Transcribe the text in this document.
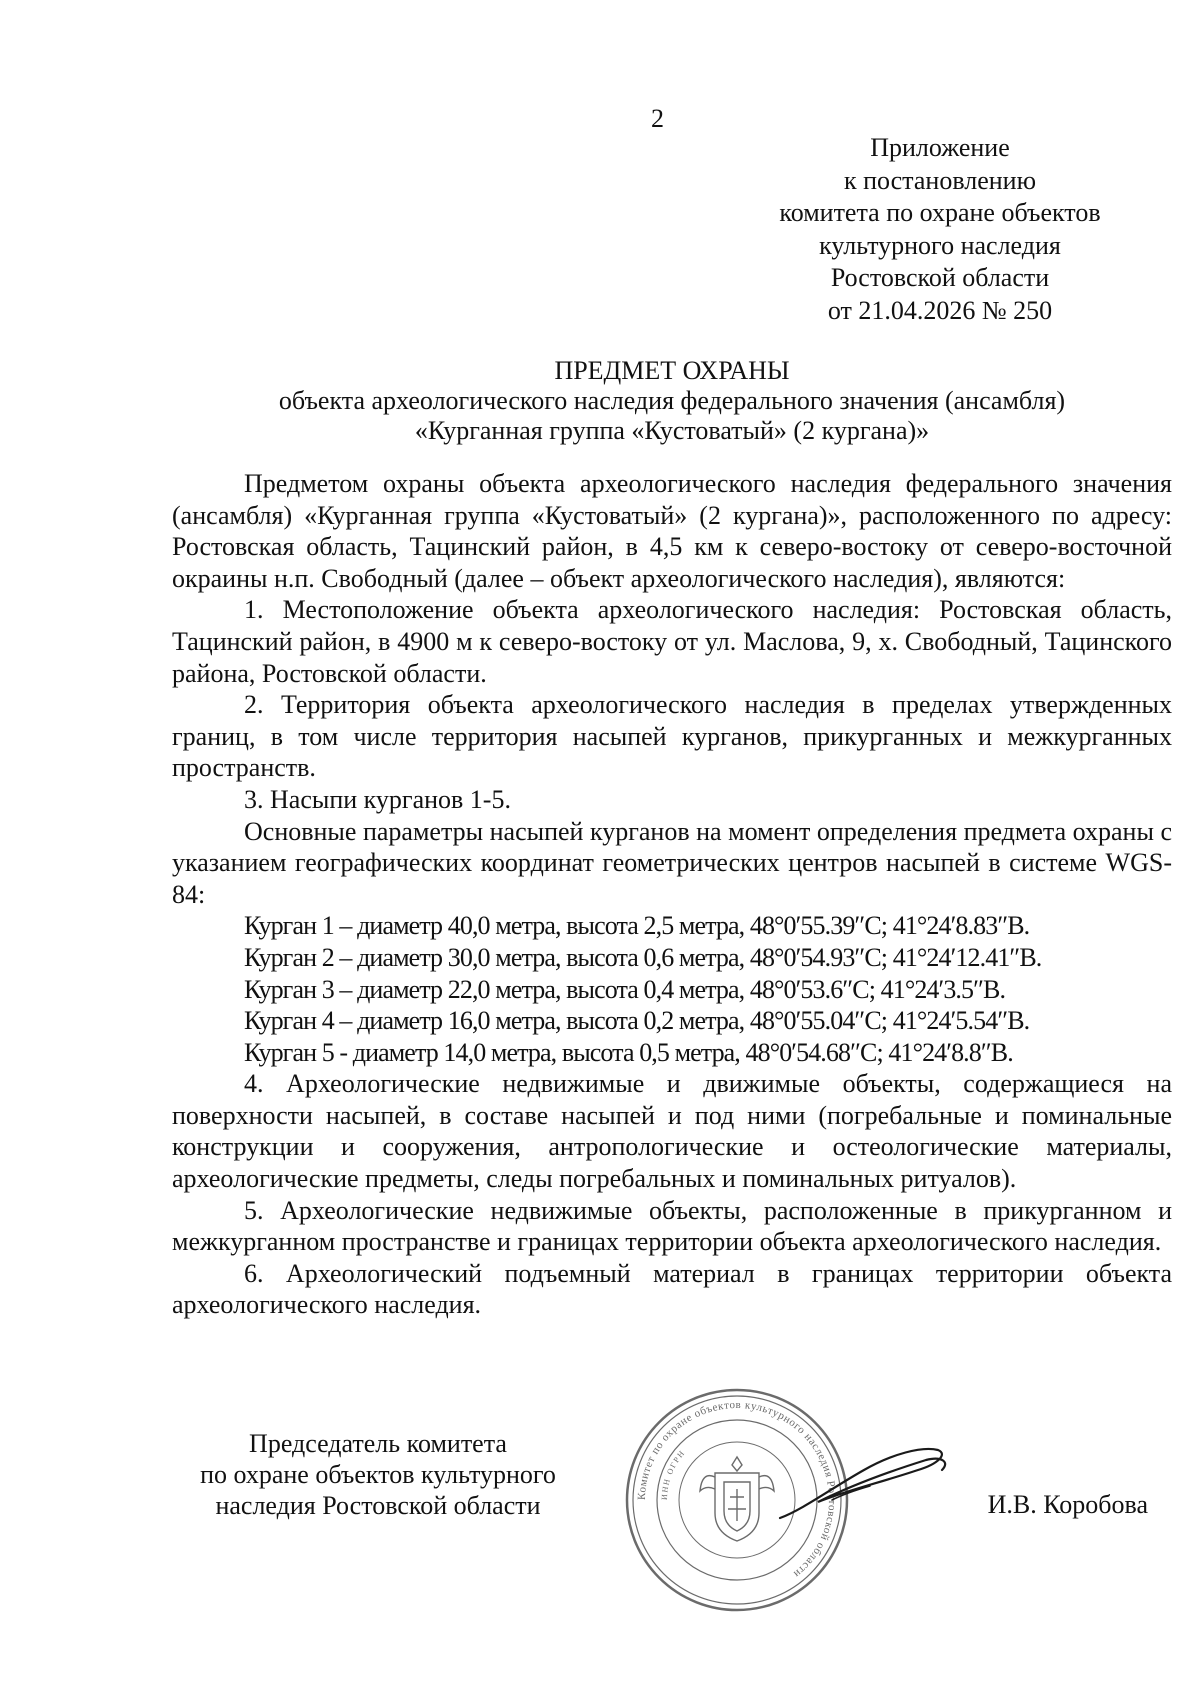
2
Приложение
к постановлению
комитета по охране объектов
культурного наследия
Ростовской области
от 21.04.2026 № 250
ПРЕДМЕТ ОХРАНЫ
объекта археологического наследия федерального значения (ансамбля)
«Курганная группа «Кустоватый» (2 кургана)»

Предметом охраны объекта археологического наследия федерального значения (ансамбля) «Курганная группа «Кустоватый» (2 кургана)», расположенного по адресу: Ростовская область, Тацинский район, в 4,5 км к северо-востоку от северо-восточной окраины н.п. Свободный (далее – объект археологического наследия), являются:

1. Местоположение объекта археологического наследия: Ростовская область, Тацинский район, в 4900 м к северо-востоку от ул. Маслова, 9, х. Свободный, Тацинского района, Ростовской области.

2. Территория объекта археологического наследия в пределах утвержденных границ, в том числе территория насыпей курганов, прикурганных и межкурганных пространств.

3. Насыпи курганов 1-5.

Основные параметры насыпей курганов на момент определения предмета охраны с указанием географических координат геометрических центров насыпей в системе WGS-84:

Курган 1 – диаметр 40,0 метра, высота 2,5 метра, 48°0′55.39″С; 41°24′8.83″В.

Курган 2 – диаметр 30,0 метра, высота 0,6 метра, 48°0′54.93″С; 41°24′12.41″В.

Курган 3 – диаметр 22,0 метра, высота 0,4 метра, 48°0′53.6″С; 41°24′3.5″В.

Курган 4 – диаметр 16,0 метра, высота 0,2 метра, 48°0′55.04″С; 41°24′5.54″В.

Курган 5 - диаметр 14,0 метра, высота 0,5 метра, 48°0′54.68″С; 41°24′8.8″В.

4. Археологические недвижимые и движимые объекты, содержащиеся на поверхности насыпей, в составе насыпей и под ними (погребальные и поминальные конструкции и сооружения, антропологические и остеологические материалы, археологические предметы, следы погребальных и поминальных ритуалов).

5. Археологические недвижимые объекты, расположенные в прикурганном и межкурганном пространстве и границах территории объекта археологического наследия.

6. Археологический подъемный материал в границах территории объекта археологического наследия.

Председатель комитета
по охране объектов культурного
наследия Ростовской области	И.В. Коробова
Комитет по охране объектов культурного наследия Ростовской области
ИНН ОГРН
